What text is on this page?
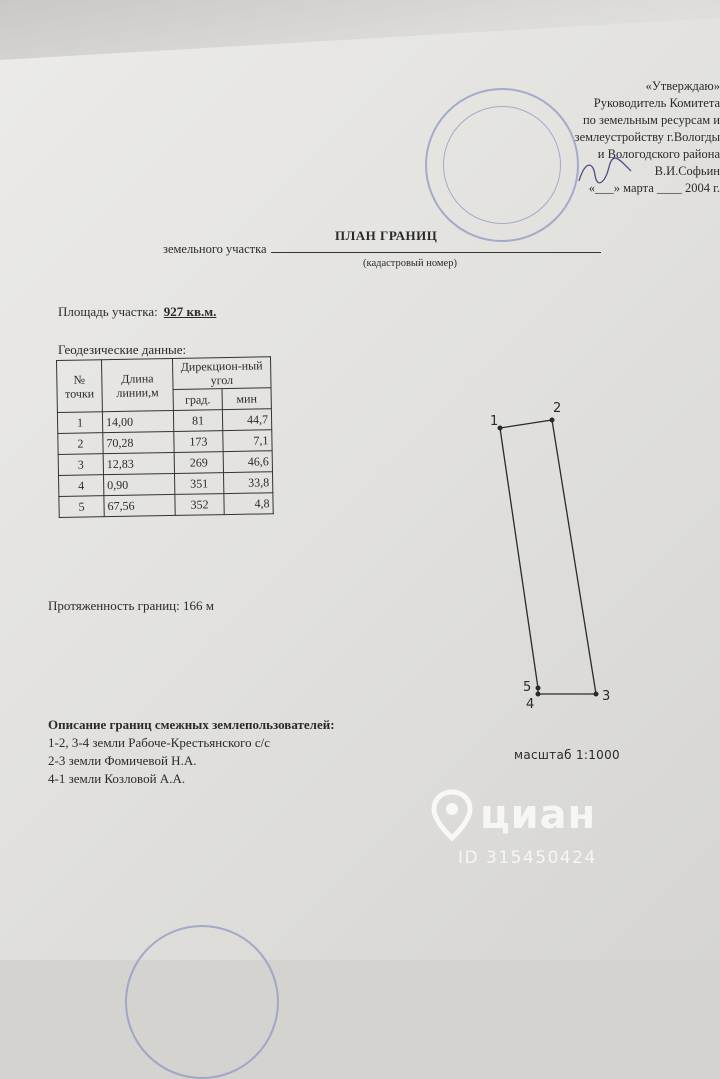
«Утверждаю»
Руководитель Комитета
по земельным ресурсам и
землеустройству г.Вологды
и Вологодского района
В.И.Софьин
«___» марта ____ 2004 г.
ПЛАН ГРАНИЦ
земельного участка
(кадастровый номер)
Площадь участка: 927 кв.м.
Геодезические данные:
№ точки	Длина линии,м	Дирекцион-ный угол	
		град.	мин
1	14,00	81	44,7
2	70,28	173	7,1
3	12,83	269	46,6
4	0,90	351	33,8
5	67,56	352	4,8
Протяженность границ: 166 м
1
2
3
4
5
масштаб 1:1000
Описание границ смежных землепользователей:
1-2, 3-4 земли Рабоче-Крестьянского с/с
2-3 земли Фомичевой Н.А.
4-1 земли Козловой А.А.
циан
ID 315450424
